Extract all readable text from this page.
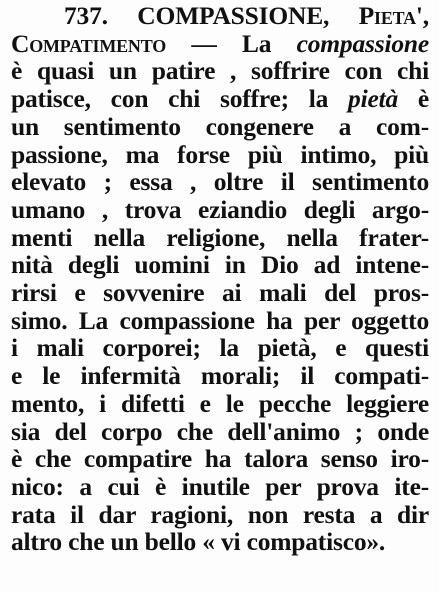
737. COMPASSIONE, Pieta',
Compatimento — La compassione
è quasi un patire , soffrire con chi
patisce, con chi soffre; la pietà è
un sentimento congenere a com-
passione, ma forse più intimo, più
elevato ; essa , oltre il sentimento
umano , trova eziandio degli argo-
menti nella religione, nella frater-
nità degli uomini in Dio ad intene-
rirsi e sovvenire ai mali del pros-
simo. La compassione ha per oggetto
i mali corporei; la pietà, e questi
e le infermità morali; il compati-
mento, i difetti e le pecche leggiere
sia del corpo che dell'animo ; onde
è che compatire ha talora senso iro-
nico: a cui è inutile per prova ite-
rata il dar ragioni, non resta a dir
altro che un bello « vi compatisco».
